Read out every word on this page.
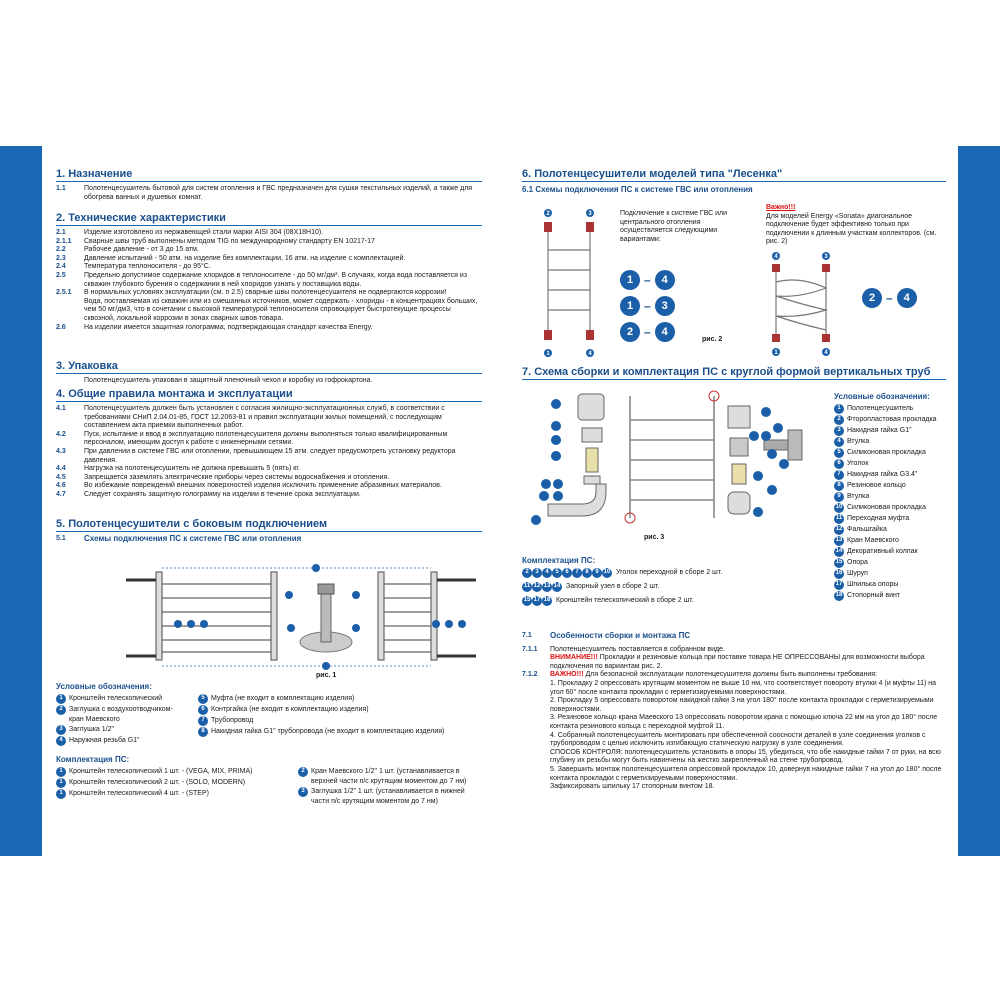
www.energyrus.ru	www.energyrus.ru
1. Назначение
1.1	Полотенцесушитель бытовой для систем отопления и ГВС предназначен для сушки текстильных изделий, а также для обогрева ванных и душевых комнат.
2. Технические характеристики
2.1	Изделие изготовлено из нержавеющей стали марки AISI 304 (08Х18Н10).
2.1.1	Сварные швы труб выполнены методом TIG по международному стандарту EN 10217-17
2.2	Рабочее давление - от 3 до 15 атм.
2.3	Давление испытаний - 50 атм. на изделие без комплектации, 16 атм. на изделие с комплектацией.
2.4	Температура теплоносителя - до 95°С.
2.5	Предельно допустимое содержание хлоридов в теплоносителе - до 50 мг/дм³. В случаях, когда вода поставляется из скважин глубокого бурения о содержании в ней хлоридов узнать у поставщика воды.
2.5.1	В нормальных условиях эксплуатации (см. п 2.5) сварные швы полотенцесушителя не подвергаются коррозии!
Вода, поставляемая из скважин или из смешанных источников, может содержать - хлориды - в концентрациях больших, чем 50 мг/дм3, что в сочетании с высокой температурой теплоносителя спровоцирует быстротекущие процессы сквозной, локальной коррозии в зонах сварных швов товара.
2.6	На изделии имеется защитная голограмма, подтверждающая стандарт качества Energy.
3. Упаковка
Полотенцесушитель упакован в защитный пленочный чехол и коробку из гофрокартона.
4. Общие правила монтажа и эксплуатации
4.1	Полотенцесушитель должен быть установлен с согласия жилищно-эксплуатационных служб, в соответствии с требованиями СНиП 2.04.01-85, ГОСТ 12.2063-81 и правил эксплуатации жилых помещений, с последующим составлением акта приемки выполненных работ.
4.2	Пуск, испытание и ввод в эксплуатацию полотенцесушителя должны выполняться только квалифицированным персоналом, имеющим доступ к работе с инженерными сетями.
4.3	При давлении в системе ГВС или отоплении, превышающем 15 атм. следует предусмотреть установку редуктора давления.
4.4	Нагрузка на полотенцесушитель не должна превышать 5 (пять) кг.
4.5	Запрещается заземлять электрические приборы через системы водоснабжения и отопления.
4.6	Во избежание повреждений внешних поверхностей изделия исключить применение абразивных материалов.
4.7	Следует сохранять защитную голограмму на изделии в течение срока эксплуатации.
5. Полотенцесушители с боковым подключением
5.1	Схемы подключения ПС к системе ГВС или отопления
рис. 1
Условные обозначения:
1 Кронштейн телескопический
2 Заглушка с воздухоотводчиком- кран Маевского
3 Заглушка 1/2"
4 Наружная резьба G1"
5 Муфта (не входит в комплектацию изделия)
6 Контргайка (не входит в комплектацию изделия)
7 Трубопровод
8 Накидная гайка G1" трубопровода (не входит в комплектацию изделия)
Комплектация ПС:
1 Кронштейн телескопический 1 шт. - (VEGA, MIX, PRIMA)
1 Кронштейн телескопический 2 шт. - (SOLO, MODERN)
1 Кронштейн телескопический 4 шт. - (STEP)
2 Кран Маевского 1/2" 1 шт. (устанавливается в верхней части п/с крутящим моментом до 7 нм)
3 Заглушка 1/2" 1 шт. (устанавливается в нижней части п/с крутящим моментом до 7 нм)
6. Полотенцесушители моделей типа "Лесенка"
6.1 Схемы подключения ПС к системе ГВС или отопления
2	3
1	4
Подключение к системе ГВС или центрального отопления осуществляется следующими вариантами:
1 – 4
1 – 3
2 – 4
рис. 2
Важно!!!
Для моделей Energy «Sonata» диагональное подключение будет эффективно только при подключении к длинным участкам коллекторов. (см. рис. 2)
4	3
1	4
2 – 4
7. Схема сборки и комплектация ПС с круглой формой вертикальных труб
рис. 3
Условные обозначения:
1 Полотенцесушитель
2 Фторопластовая прокладка
3 Накидная гайка G1"
4 Втулка
5 Силиконовая прокладка
6 Уголок
7 Накидная гайка G3.4"
8 Резиновое кольцо
9 Втулка
10 Силиконовая прокладка
11 Переходная муфта
12 Фальшгайка
13 Кран Маевского
14 Декоративный колпак
15 Опора
16 Шуруп
17 Шпилька опоры
18 Стопорный винт
Комплектация ПС:
2	3	4	5	6	7	8	9 10 Уголок переходной в сборе 2 шт.
11 12 13 14 Запорный узел в сборе 2 шт.
15 17 18 Кронштейн телескопический в сборе 2 шт.
7.1	Особенности сборки и монтажа ПС
7.1.1	Полотенцесушитель поставляется в собранном виде.
ВНИМАНИЕ!!! Прокладки и резиновые кольца при поставке товара НЕ ОПРЕССОВАНЫ для возможности выбора подключения по вариантам рис. 2.
7.1.2	ВАЖНО!!! Для безопасной эксплуатации полотенцесушителя должны быть выполнены требования:
1. Прокладку 2 опрессовать крутящим моментом не выше 10 нм, что соответствует повороту втулки 4 (и муфты 11) на угол 60° после контакта прокладки с герметизируемыми поверхностями.
2. Прокладку 5 опрессовать поворотом накидной гайки 3 на угол 180° после контакта прокладки с герметизируемыми поверхностями.
3. Резиновое кольцо крана Маевского 13 опрессовать поворотом крана с помощью ключа 22 мм на угол до 180° после контакта резинового кольца с переходной муфтой 11.
4. Собранный полотенцесушитель монтировать при обеспеченной соосности деталей в узле соединения уголков с трубопроводом с целью исключить изгибающую статическую нагрузку в узле соединения.
СПОСОБ КОНТРОЛЯ: полотенцесушитель установить в опоры 15, убедиться, что обе накидные гайки 7 от руки, на всю глубину их резьбы могут быть навинчены на жестко закрепленный на стене трубопровод.
5. Завершить монтаж полотенцесушителя опрессовкой прокладок 10, довернув накидные гайки 7 на угол до 180° после контакта прокладки с герметизируемыми поверхностями.
Зафиксировать шпильку 17 стопорным винтом 18.
